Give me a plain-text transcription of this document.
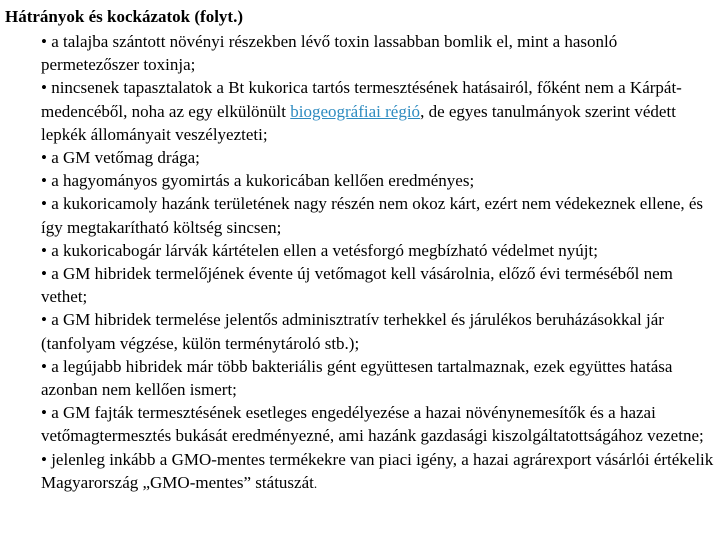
Hátrányok és kockázatok (folyt.)
• a talajba szántott növényi részekben lévő toxin lassabban bomlik el, mint a hasonló permetezőszer toxinja;
• nincsenek tapasztalatok a Bt kukorica tartós termesztésének hatásairól, főként nem a Kárpát-medencéből, noha az egy elkülönült biogeográfiai régió, de egyes tanulmányok szerint védett lepkék állományait veszélyezteti;
• a GM vetőmag drága;
• a hagyományos gyomirtás a kukoricában kellően eredményes;
• a kukoricamoly hazánk területének nagy részén nem okoz kárt, ezért nem védekeznek ellene, és így megtakarítható költség sincsen;
• a kukoricabogár lárvák kártételen ellen a vetésforgó megbízható védelmet nyújt;
• a GM hibridek termelőjének évente új vetőmagot kell vásárolnia, előző évi terméséből nem vethet;
• a GM hibridek termelése jelentős adminisztratív terhekkel és járulékos beruházásokkal jár (tanfolyam végzése, külön terménytároló stb.);
• a legújabb hibridek már több bakteriális gént együttesen tartalmaznak, ezek együttes hatása azonban nem kellően ismert;
• a GM fajták termesztésének esetleges engedélyezése a hazai növénynemesítők és a hazai vetőmagtermesztés bukását eredményezné, ami hazánk gazdasági kiszolgáltatottságához vezetne;
• jelenleg inkább a GMO-mentes termékekre van piaci igény, a hazai agrárexport vásárlói értékelik Magyarország „GMO-mentes” státuszát.
